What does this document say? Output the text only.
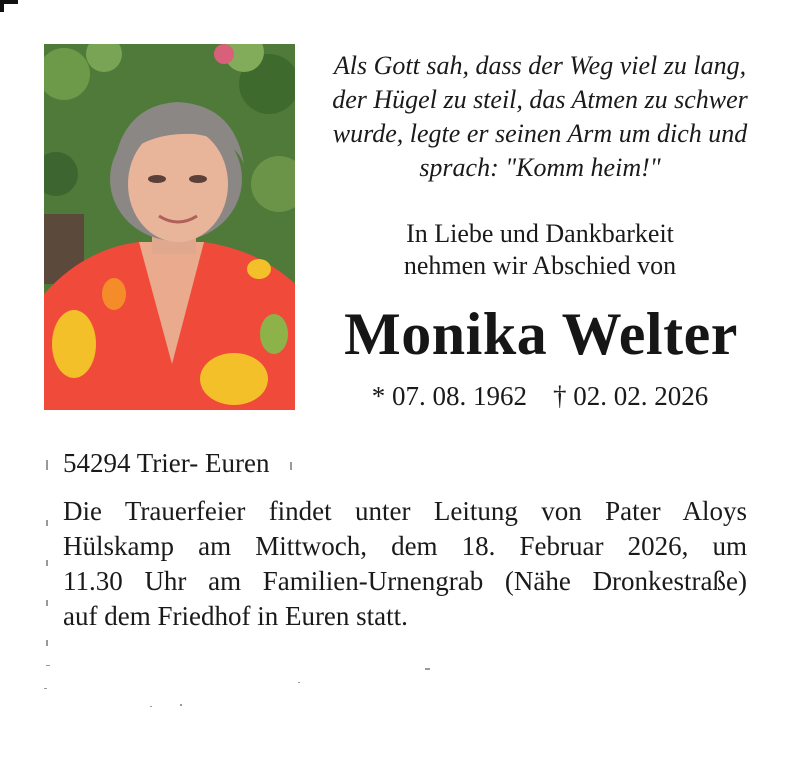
Als Gott sah, dass der Weg viel zu lang,
der Hügel zu steil, das Atmen zu schwer
wurde, legte er seinen Arm um dich und
sprach: "Komm heim!"
In Liebe und Dankbarkeit
nehmen wir Abschied von
Monika Welter
* 07. 08. 1962 † 02. 02. 2026
54294 Trier- Euren
Die Trauerfeier findet unter Leitung von Pater Aloys
Hülskamp am Mittwoch, dem 18. Februar 2026, um
11.30 Uhr am Familien-Urnengrab (Nähe Dronkestraße)
auf dem Friedhof in Euren statt.
